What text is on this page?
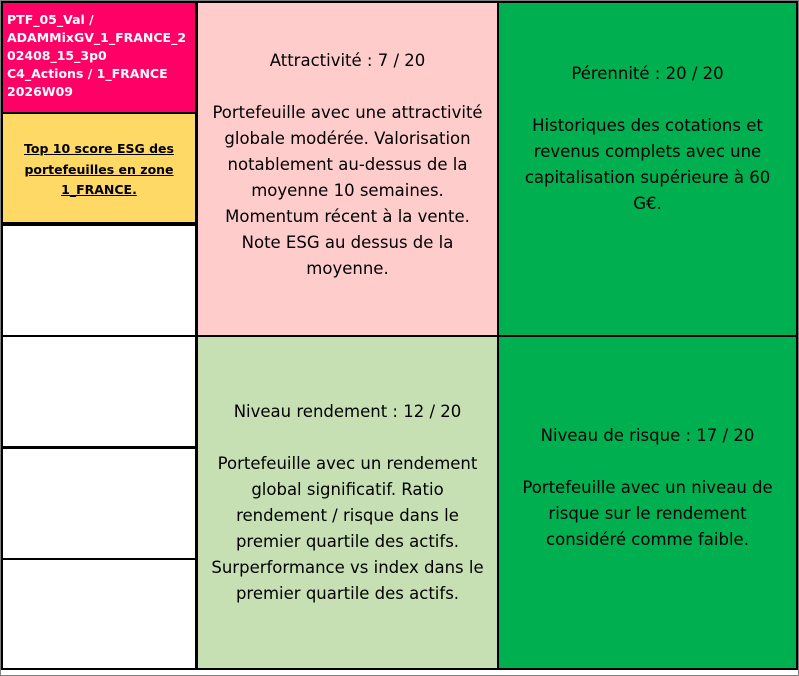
PTF_05_Val /
ADAMMixGV_1_FRANCE_2
02408_15_3p0
C4_Actions / 1_FRANCE
2026W09
Top 10 score ESG des portefeuilles en zone 1_FRANCE.
Attractivité : 7 / 20
Portefeuille avec une attractivité globale modérée. Valorisation notablement au-dessus de la moyenne 10 semaines. Momentum récent à la vente. Note ESG au dessus de la moyenne.
Pérennité : 20 / 20
Historiques des cotations et revenus complets avec une capitalisation supérieure à 60 G€.
Niveau rendement : 12 / 20
Portefeuille avec un rendement global significatif. Ratio rendement / risque dans le premier quartile des actifs. Surperformance vs index dans le premier quartile des actifs.
Niveau de risque : 17 / 20
Portefeuille avec un niveau de risque sur le rendement considéré comme faible.
